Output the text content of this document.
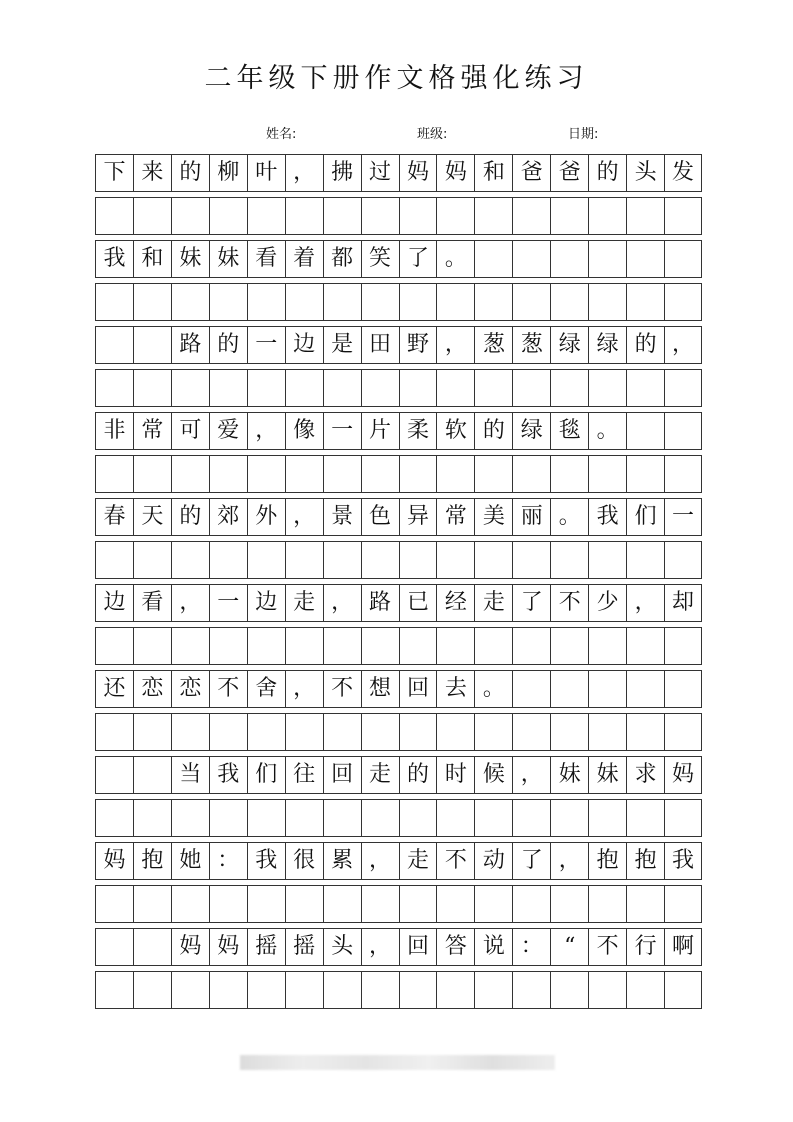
二年级下册作文格强化练习
姓名:	班级:	日期:
下 来 的 柳 叶 ， 拂 过 妈 妈 和 爸 爸 的 头 发
我 和 妹 妹 看 着 都 笑 了 。
路 的 一 边 是 田 野 ， 葱 葱 绿 绿 的 ，
非 常 可 爱 ， 像 一 片 柔 软 的 绿 毯 。
春 天 的 郊 外 ， 景 色 异 常 美 丽 。 我 们 一
边 看 ， 一 边 走 ， 路 已 经 走 了 不 少 ， 却
还 恋 恋 不 舍 ， 不 想 回 去 。
当 我 们 往 回 走 的 时 候 ， 妹 妹 求 妈
妈 抱 她 ： 我 很 累 ， 走 不 动 了 ， 抱 抱 我
妈 妈 摇 摇 头 ， 回 答 说 ： “ 不 行 啊
